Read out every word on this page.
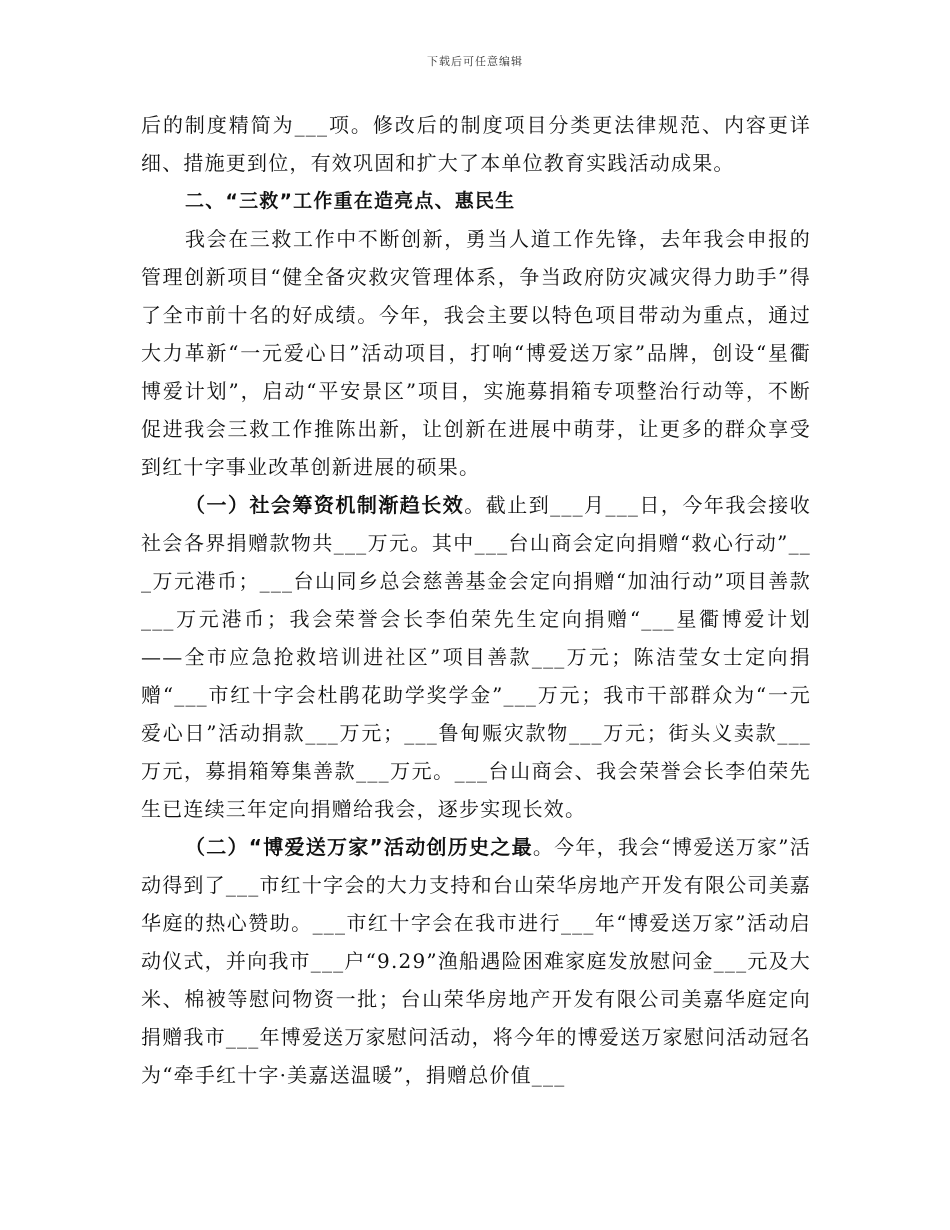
下载后可任意编辑

后的制度精简为___项。修改后的制度项目分类更法律规范、内容更详细、措施更到位，有效巩固和扩大了本单位教育实践活动成果。

二、“三救”工作重在造亮点、惠民生

我会在三救工作中不断创新，勇当人道工作先锋，去年我会申报的管理创新项目“健全备灾救灾管理体系，争当政府防灾减灾得力助手”得了全市前十名的好成绩。今年，我会主要以特色项目带动为重点，通过大力革新“一元爱心日”活动项目，打响“博爱送万家”品牌，创设“星衢博爱计划”，启动“平安景区”项目，实施募捐箱专项整治行动等，不断促进我会三救工作推陈出新，让创新在进展中萌芽，让更多的群众享受到红十字事业改革创新进展的硕果。

（一）社会筹资机制渐趋长效。截止到___月___日，今年我会接收社会各界捐赠款物共___万元。其中___台山商会定向捐赠“救心行动”___万元港币；___台山同乡总会慈善基金会定向捐赠“加油行动”项目善款___万元港币；我会荣誉会长李伯荣先生定向捐赠“___星衢博爱计划——全市应急抢救培训进社区”项目善款___万元；陈洁莹女士定向捐赠“___市红十字会杜鹃花助学奖学金”___万元；我市干部群众为“一元爱心日”活动捐款___万元；___鲁甸赈灾款物___万元；街头义卖款___万元，募捐箱筹集善款___万元。___台山商会、我会荣誉会长李伯荣先生已连续三年定向捐赠给我会，逐步实现长效。

（二）“博爱送万家”活动创历史之最。今年，我会“博爱送万家”活动得到了___市红十字会的大力支持和台山荣华房地产开发有限公司美嘉华庭的热心赞助。___市红十字会在我市进行___年“博爱送万家”活动启动仪式，并向我市___户“9.29”渔船遇险困难家庭发放慰问金___元及大米、棉被等慰问物资一批；台山荣华房地产开发有限公司美嘉华庭定向捐赠我市___年博爱送万家慰问活动，将今年的博爱送万家慰问活动冠名为“牵手红十字·美嘉送温暖”，捐赠总价值___
